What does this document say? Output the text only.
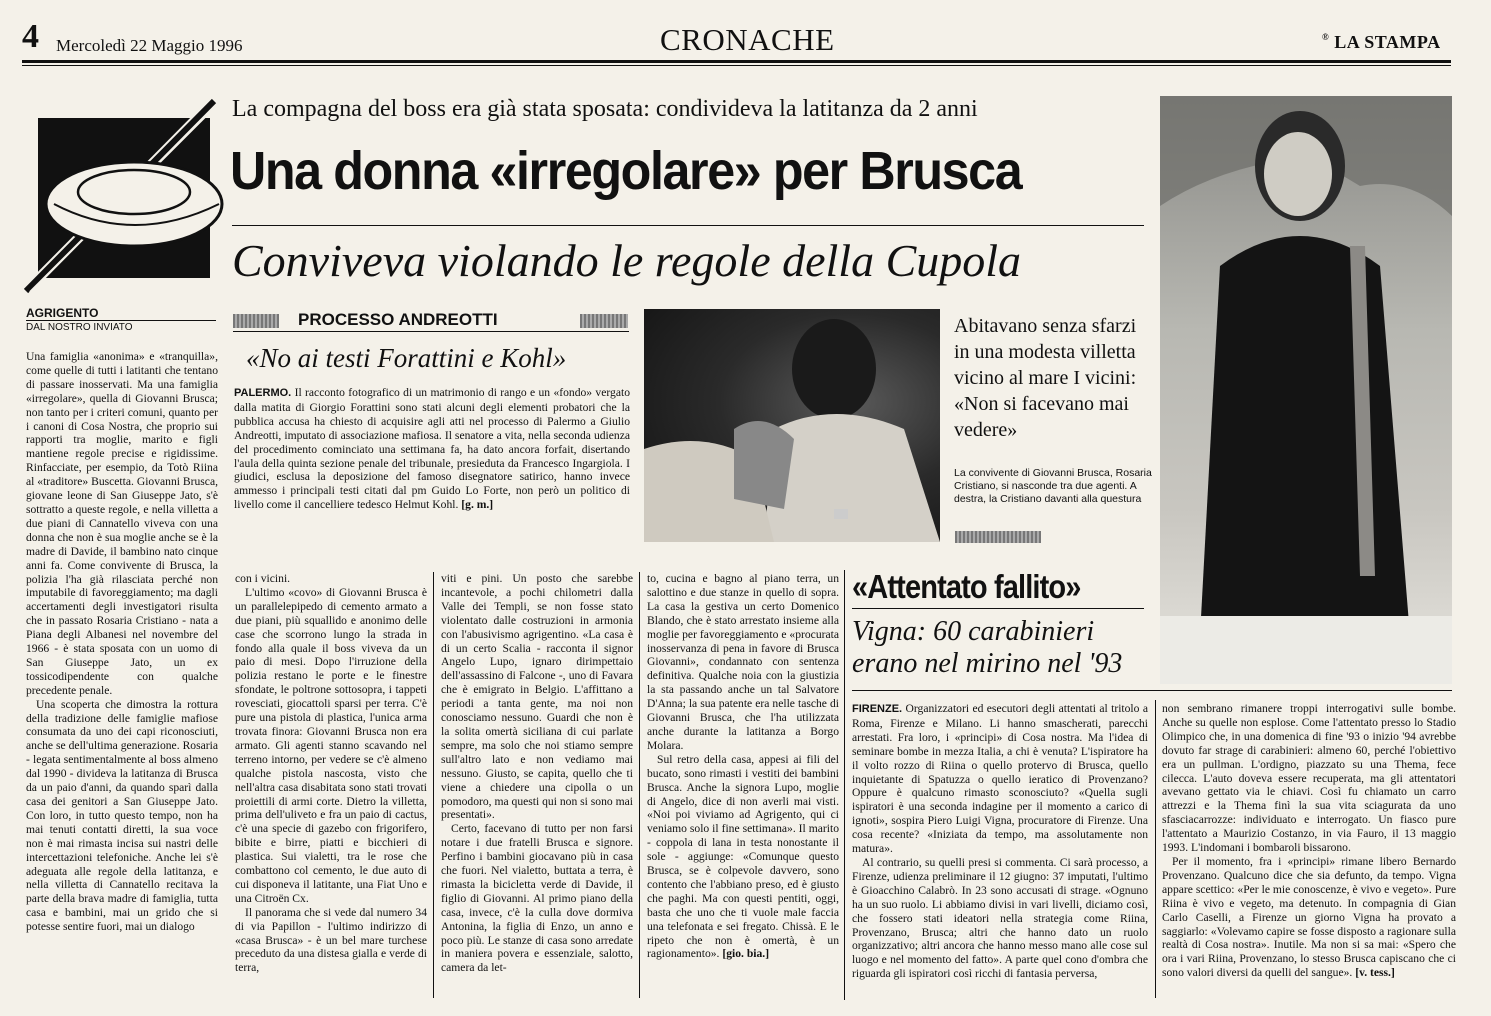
4 Mercoledì 22 Maggio 1996	CRONACHE	® LA STAMPA
La compagna del boss era già stata sposata: condivideva la latitanza da 2 anni
Una donna «irregolare» per Brusca
Conviveva violando le regole della Cupola
AGRIGENTO
DAL NOSTRO INVIATO

Una famiglia «anonima» e «tranquilla», come quelle di tutti i latitanti che tentano di passare inosservati. Ma una famiglia «irregolare», quella di Giovanni Brusca; non tanto per i criteri comuni, quanto per i canoni di Cosa Nostra, che proprio sui rapporti tra moglie, marito e figli mantiene regole precise e rigidissime. Rinfacciate, per esempio, da Totò Riina al «traditore» Buscetta. Giovanni Brusca, giovane leone di San Giuseppe Jato, s'è sottratto a queste regole, e nella villetta a due piani di Cannatello viveva con una donna che non è sua moglie anche se è la madre di Davide, il bambino nato cinque anni fa. Come convivente di Brusca, la polizia l'ha già rilasciata perché non imputabile di favoreggiamento; ma dagli accertamenti degli investigatori risulta che in passato Rosaria Cristiano - nata a Piana degli Albanesi nel novembre del 1966 - è stata sposata con un uomo di San Giuseppe Jato, un ex tossicodipendente con qualche precedente penale.

Una scoperta che dimostra la rottura della tradizione delle famiglie mafiose consumata da uno dei capi riconosciuti, anche se dell'ultima generazione. Rosaria - legata sentimentalmente al boss almeno dal 1990 - divideva la latitanza di Brusca da un paio d'anni, da quando sparì dalla casa dei genitori a San Giuseppe Jato. Con loro, in tutto questo tempo, non ha mai tenuti contatti diretti, la sua voce non è mai rimasta incisa sui nastri delle intercettazioni telefoniche. Anche lei s'è adeguata alle regole della latitanza, e nella villetta di Cannatello recitava la parte della brava madre di famiglia, tutta casa e bambini, mai un grido che si potesse sentire fuori, mai un dialogo

PROCESSO ANDREOTTI
«No ai testi Forattini e Kohl»

PALERMO. Il racconto fotografico di un matrimonio di rango e un «fondo» vergato dalla matita di Giorgio Forattini sono stati alcuni degli elementi probatori che la pubblica accusa ha chiesto di acquisire agli atti nel processo di Palermo a Giulio Andreotti, imputato di associazione mafiosa. Il senatore a vita, nella seconda udienza del procedimento cominciato una settimana fa, ha dato ancora forfait, disertando l'aula della quinta sezione penale del tribunale, presieduta da Francesco Ingargiola. I giudici, esclusa la deposizione del famoso disegnatore satirico, hanno invece ammesso i principali testi citati dal pm Guido Lo Forte, non però un politico di livello come il cancelliere tedesco Helmut Kohl. [g. m.]

Abitavano senza sfarzi in una modesta villetta vicino al mare I vicini: «Non si facevano mai vedere»
La convivente di Giovanni Brusca, Rosaria Cristiano, si nasconde tra due agenti. A destra, la Cristiano davanti alla questura

con i vicini.

L'ultimo «covo» di Giovanni Brusca è un parallelepipedo di cemento armato a due piani, più squallido e anonimo delle case che scorrono lungo la strada in fondo alla quale il boss viveva da un paio di mesi. Dopo l'irruzione della polizia restano le porte e le finestre sfondate, le poltrone sottosopra, i tappeti rovesciati, giocattoli sparsi per terra. C'è pure una pistola di plastica, l'unica arma trovata finora: Giovanni Brusca non era armato. Gli agenti stanno scavando nel terreno intorno, per vedere se c'è almeno qualche pistola nascosta, visto che nell'altra casa disabitata sono stati trovati proiettili di armi corte. Dietro la villetta, prima dell'uliveto e fra un paio di cactus, c'è una specie di gazebo con frigorifero, bibite e birre, piatti e bicchieri di plastica. Sui vialetti, tra le rose che combattono col cemento, le due auto di cui disponeva il latitante, una Fiat Uno e una Citroën Cx.

Il panorama che si vede dal numero 34 di via Papillon - l'ultimo indirizzo di «casa Brusca» - è un bel mare turchese preceduto da una distesa gialla e verde di terra,

viti e pini. Un posto che sarebbe incantevole, a pochi chilometri dalla Valle dei Templi, se non fosse stato violentato dalle costruzioni in armonia con l'abusivismo agrigentino. «La casa è di un certo Scalia - racconta il signor Angelo Lupo, ignaro dirimpettaio dell'assassino di Falcone -, uno di Favara che è emigrato in Belgio. L'affittano a periodi a tanta gente, ma noi non conosciamo nessuno. Guardi che non è la solita omertà siciliana di cui parlate sempre, ma solo che noi stiamo sempre sull'altro lato e non vediamo mai nessuno. Giusto, se capita, quello che ti viene a chiedere una cipolla o un pomodoro, ma questi qui non si sono mai presentati».

Certo, facevano di tutto per non farsi notare i due fratelli Brusca e signore. Perfino i bambini giocavano più in casa che fuori. Nel vialetto, buttata a terra, è rimasta la bicicletta verde di Davide, il figlio di Giovanni. Al primo piano della casa, invece, c'è la culla dove dormiva Antonina, la figlia di Enzo, un anno e poco più. Le stanze di casa sono arredate in maniera povera e essenziale, salotto, camera da let-

to, cucina e bagno al piano terra, un salottino e due stanze in quello di sopra. La casa la gestiva un certo Domenico Blando, che è stato arrestato insieme alla moglie per favoreggiamento e «procurata inosservanza di pena in favore di Brusca Giovanni», condannato con sentenza definitiva. Qualche noia con la giustizia la sta passando anche un tal Salvatore D'Anna; la sua patente era nelle tasche di Giovanni Brusca, che l'ha utilizzata anche durante la latitanza a Borgo Molara.

Sul retro della casa, appesi ai fili del bucato, sono rimasti i vestiti dei bambini Brusca. Anche la signora Lupo, moglie di Angelo, dice di non averli mai visti. «Noi poi viviamo ad Agrigento, qui ci veniamo solo il fine settimana». Il marito - coppola di lana in testa nonostante il sole - aggiunge: «Comunque questo Brusca, se è colpevole davvero, sono contento che l'abbiano preso, ed è giusto che paghi. Ma con questi pentiti, oggi, basta che uno che ti vuole male faccia una telefonata e sei fregato. Chissà. E le ripeto che non è omertà, è un ragionamento». [gio. bia.]

«Attentato fallito»
Vigna: 60 carabinieri erano nel mirino nel '93

FIRENZE. Organizzatori ed esecutori degli attentati al tritolo a Roma, Firenze e Milano. Li hanno smascherati, parecchi arrestati. Fra loro, i «principi» di Cosa nostra. Ma l'idea di seminare bombe in mezza Italia, a chi è venuta? L'ispiratore ha il volto rozzo di Riina o quello protervo di Brusca, quello inquietante di Spatuzza o quello ieratico di Provenzano? Oppure è qualcuno rimasto sconosciuto? «Quella sugli ispiratori è una seconda indagine per il momento a carico di ignoti», sospira Piero Luigi Vigna, procuratore di Firenze. Una cosa recente? «Iniziata da tempo, ma assolutamente non matura».

Al contrario, su quelli presi si commenta. Ci sarà processo, a Firenze, udienza preliminare il 12 giugno: 37 imputati, l'ultimo è Gioacchino Calabrò. In 23 sono accusati di strage. «Ognuno ha un suo ruolo. Li abbiamo divisi in vari livelli, diciamo così, che fossero stati ideatori nella strategia come Riina, Provenzano, Brusca; altri che hanno dato un ruolo organizzativo; altri ancora che hanno messo mano alle cose sul luogo e nel momento del fatto». A parte quel cono d'ombra che riguarda gli ispiratori così ricchi di fantasia perversa,

non sembrano rimanere troppi interrogativi sulle bombe. Anche su quelle non esplose. Come l'attentato presso lo Stadio Olimpico che, in una domenica di fine '93 o inizio '94 avrebbe dovuto far strage di carabinieri: almeno 60, perché l'obiettivo era un pullman. L'ordigno, piazzato su una Thema, fece cilecca. L'auto doveva essere recuperata, ma gli attentatori avevano gettato via le chiavi. Così fu chiamato un carro attrezzi e la Thema finì la sua vita sciagurata da uno sfasciacarrozze: individuato e interrogato. Un fiasco pure l'attentato a Maurizio Costanzo, in via Fauro, il 13 maggio 1993. L'indomani i bombaroli bissarono.

Per il momento, fra i «principi» rimane libero Bernardo Provenzano. Qualcuno dice che sia defunto, da tempo. Vigna appare scettico: «Per le mie conoscenze, è vivo e vegeto». Pure Riina è vivo e vegeto, ma detenuto. In compagnia di Gian Carlo Caselli, a Firenze un giorno Vigna ha provato a saggiarlo: «Volevamo capire se fosse disposto a ragionare sulla realtà di Cosa nostra». Inutile. Ma non si sa mai: «Spero che ora i vari Riina, Provenzano, lo stesso Brusca capiscano che ci sono valori diversi da quelli del sangue». [v. tess.]
